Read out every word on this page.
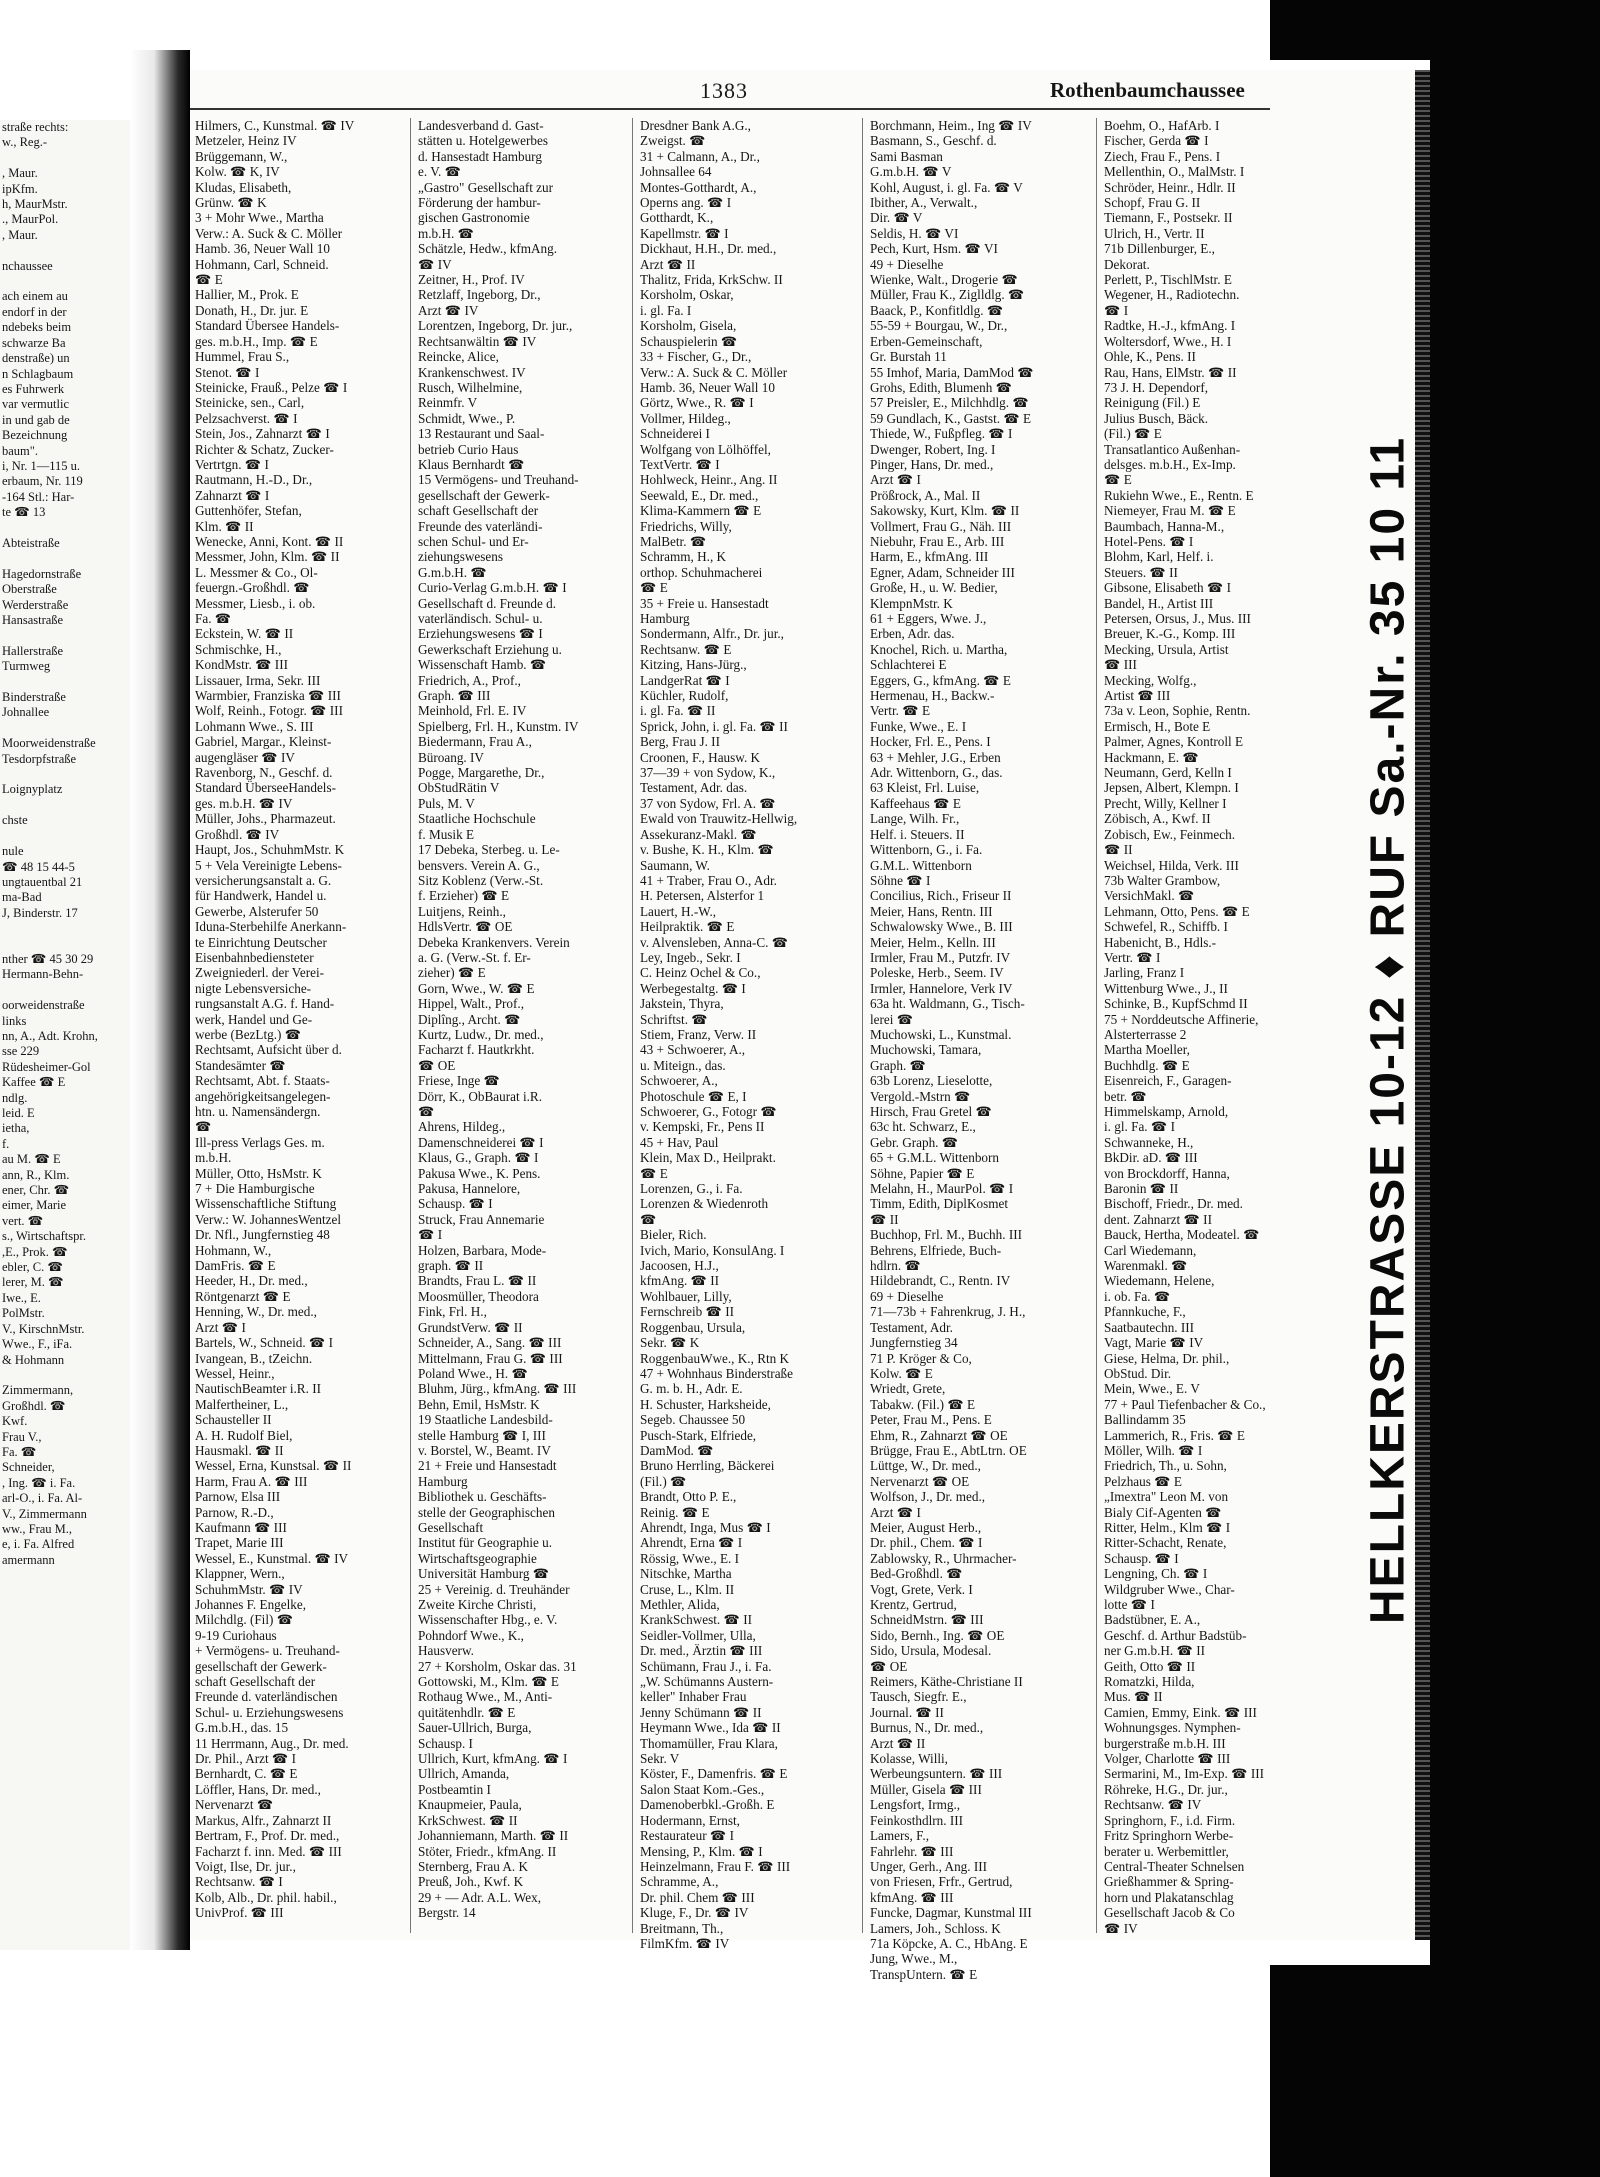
straße rechts:
w., Reg.-

, Maur.
ipKfm.
h, MaurMstr.
., MaurPol.
, Maur.

nchaussee

ach einem au
endorf in der
ndebeks beim
schwarze Ba
denstraße) un
n Schlagbaum
es Fuhrwerk
var vermutlic
in und gab de
Bezeichnung
baum".
i, Nr. 1—115 u.
erbaum, Nr. 119
-164 Stl.: Har-
te ☎ 13

Abteistraße

Hagedornstraße
Oberstraße
Werderstraße
Hansastraße

Hallerstraße
Turmweg

Binderstraße
Johnallee

Moorweidenstraße
Tesdorpfstraße

Loignyplatz

chste

nule
☎ 48 15 44-5
ungtauentbal 21
ma-Bad
J, Binderstr. 17

nther ☎ 45 30 29
Hermann-Behn-

oorweidenstraße
links
nn, A., Adt. Krohn,
sse 229
Rüdesheimer-Gol
Kaffee ☎ E
ndlg.
leid. E
ietha,
f.
au M. ☎ E
ann, R., Klm.
ener, Chr. ☎
eimer, Marie
vert. ☎
s., Wirtschaftspr.
,E., Prok. ☎
ebler, C. ☎
lerer, M. ☎
Iwe., E.
PolMstr.
V., KirschnMstr.
Wwe., F., iFa.
& Hohmann

Zimmermann,
Großhdl. ☎
Kwf.
Frau V.,
Fa. ☎
Schneider,
, Ing. ☎ i. Fa.
arl-O., i. Fa. Al-
V., Zimmermann
ww., Frau M.,
e, i. Fa. Alfred
amermann
1383	Rothenbaumchaussee
Hilmers, C., Kunstmal. ☎ IV
Metzeler, Heinz IV
Brüggemann, W.,
Kolw. ☎ K, IV
Kludas, Elisabeth,
Grünw. ☎ K
3 + Mohr Wwe., Martha
Verw.: A. Suck & C. Möller
Hamb. 36, Neuer Wall 10
Hohmann, Carl, Schneid.
☎ E
Hallier, M., Prok. E
Donath, H., Dr. jur. E
Standard Übersee Handels-
ges. m.b.H., Imp. ☎ E
Hummel, Frau S.,
Stenot. ☎ I
Steinicke, Frauß., Pelze ☎ I
Steinicke, sen., Carl,
Pelzsachverst. ☎ I
Stein, Jos., Zahnarzt ☎ I
Richter & Schatz, Zucker-
Vertrtgn. ☎ I
Rautmann, H.-D., Dr.,
Zahnarzt ☎ I
Guttenhöfer, Stefan,
Klm. ☎ II
Wenecke, Anni, Kont. ☎ II
Messmer, John, Klm. ☎ II
L. Messmer & Co., Ol-
feuergn.-Großhdl. ☎
Messmer, Liesb., i. ob.
Fa. ☎
Eckstein, W. ☎ II
Schmischke, H.,
KondMstr. ☎ III
Lissauer, Irma, Sekr. III
Warmbier, Franziska ☎ III
Wolf, Reinh., Fotogr. ☎ III
Lohmann Wwe., S. III
Gabriel, Margar., Kleinst-
augengläser ☎ IV
Ravenborg, N., Geschf. d.
Standard ÜberseeHandels-
ges. m.b.H. ☎ IV
Müller, Johs., Pharmazeut.
Großhdl. ☎ IV
Haupt, Jos., SchuhmMstr. K
5 + Vela Vereinigte Lebens-
versicherungsanstalt a. G.
für Handwerk, Handel u.
Gewerbe, Alsterufer 50
Iduna-Sterbehilfe Anerkann-
te Einrichtung Deutscher
Eisenbahnbediensteter
Zweigniederl. der Verei-
nigte Lebensversiche-
rungsanstalt A.G. f. Hand-
werk, Handel und Ge-
werbe (BezLtg.) ☎
Rechtsamt, Aufsicht über d.
Standesämter ☎
Rechtsamt, Abt. f. Staats-
angehörigkeitsangelegen-
htn. u. Namensändergn.
☎
Ill-press Verlags Ges. m.
m.b.H.
Müller, Otto, HsMstr. K
7 + Die Hamburgische
Wissenschaftliche Stiftung
Verw.: W. JohannesWentzel
Dr. Nfl., Jungfernstieg 48
Hohmann, W.,
DamFris. ☎ E
Heeder, H., Dr. med.,
Röntgenarzt ☎ E
Henning, W., Dr. med.,
Arzt ☎ I
Bartels, W., Schneid. ☎ I
Ivangean, B., tZeichn.
Wessel, Heinr.,
NautischBeamter i.R. II
Malfertheiner, L.,
Schausteller II
A. H. Rudolf Biel,
Hausmakl. ☎ II
Wessel, Erna, Kunstsal. ☎ II
Harm, Frau A. ☎ III
Parnow, Elsa III
Parnow, R.-D.,
Kaufmann ☎ III
Trapet, Marie III
Wessel, E., Kunstmal. ☎ IV
Klappner, Wern.,
SchuhmMstr. ☎ IV
Johannes F. Engelke,
Milchdlg. (Fil) ☎
9-19 Curiohaus
+ Vermögens- u. Treuhand-
gesellschaft der Gewerk-
schaft Gesellschaft der
Freunde d. vaterländischen
Schul- u. Erziehungswesens
G.m.b.H., das. 15
11 Herrmann, Aug., Dr. med.
Dr. Phil., Arzt ☎ I
Bernhardt, C. ☎ E
Löffler, Hans, Dr. med.,
Nervenarzt ☎
Markus, Alfr., Zahnarzt II
Bertram, F., Prof. Dr. med.,
Facharzt f. inn. Med. ☎ III
Voigt, Ilse, Dr. jur.,
Rechtsanw. ☎ I
Kolb, Alb., Dr. phil. habil.,
UnivProf. ☎ III
Landesverband d. Gast-
stätten u. Hotelgewerbes
d. Hansestadt Hamburg
e. V. ☎
„Gastro" Gesellschaft zur
Förderung der hambur-
gischen Gastronomie
m.b.H. ☎
Schätzle, Hedw., kfmAng.
☎ IV
Zeitner, H., Prof. IV
Retzlaff, Ingeborg, Dr.,
Arzt ☎ IV
Lorentzen, Ingeborg, Dr. jur.,
Rechtsanwältin ☎ IV
Reincke, Alice,
Krankenschwest. IV
Rusch, Wilhelmine,
Reinmfr. V
Schmidt, Wwe., P.
13 Restaurant und Saal-
betrieb Curio Haus
Klaus Bernhardt ☎
15 Vermögens- und Treuhand-
gesellschaft der Gewerk-
schaft Gesellschaft der
Freunde des vaterländi-
schen Schul- und Er-
ziehungswesens
G.m.b.H. ☎
Curio-Verlag G.m.b.H. ☎ I
Gesellschaft d. Freunde d.
vaterländisch. Schul- u.
Erziehungswesens ☎ I
Gewerkschaft Erziehung u.
Wissenschaft Hamb. ☎
Friedrich, A., Prof.,
Graph. ☎ III
Meinhold, Frl. E. IV
Spielberg, Frl. H., Kunstm. IV
Biedermann, Frau A.,
Büroang. IV
Pogge, Margarethe, Dr.,
ObStudRätin V
Puls, M. V
Staatliche Hochschule
f. Musik E
17 Debeka, Sterbeg. u. Le-
bensvers. Verein A. G.,
Sitz Koblenz (Verw.-St.
f. Erzieher) ☎ E
Luitjens, Reinh.,
HdlsVertr. ☎ OE
Debeka Krankenvers. Verein
a. G. (Verw.-St. f. Er-
zieher) ☎ E
Gorn, Wwe., W. ☎ E
Hippel, Walt., Prof.,
Diplîng., Archt. ☎
Kurtz, Ludw., Dr. med.,
Facharzt f. Hautkrkht.
☎ OE
Friese, Inge ☎
Dörr, K., ObBaurat i.R.
☎
Ahrens, Hildeg.,
Damenschneiderei ☎ I
Klaus, G., Graph. ☎ I
Pakusa Wwe., K. Pens.
Pakusa, Hannelore,
Schausp. ☎ I
Struck, Frau Annemarie
☎ I
Holzen, Barbara, Mode-
graph. ☎ II
Brandts, Frau L. ☎ II
Moosmüller, Theodora
Fink, Frl. H.,
GrundstVerw. ☎ II
Schneider, A., Sang. ☎ III
Mittelmann, Frau G. ☎ III
Poland Wwe., H. ☎
Bluhm, Jürg., kfmAng. ☎ III
Behn, Emil, HsMstr. K
19 Staatliche Landesbild-
stelle Hamburg ☎ I, III
v. Borstel, W., Beamt. IV
21 + Freie und Hansestadt
Hamburg
Bibliothek u. Geschäfts-
stelle der Geographischen
Gesellschaft
Institut für Geographie u.
Wirtschaftsgeographie
Universität Hamburg ☎
25 + Vereinig. d. Treuhänder
Zweite Kirche Christi,
Wissenschafter Hbg., e. V.
Pohndorf Wwe., K.,
Hausverw.
27 + Korsholm, Oskar das. 31
Gottowski, M., Klm. ☎ E
Rothaug Wwe., M., Anti-
quitätenhdlr. ☎ E
Sauer-Ullrich, Burga,
Schausp. I
Ullrich, Kurt, kfmAng. ☎ I
Ullrich, Amanda,
Postbeamtin I
Knaupmeier, Paula,
KrkSchwest. ☎ II
Johanniemann, Marth. ☎ II
Stöter, Friedr., kfmAng. II
Sternberg, Frau A. K
Preuß, Joh., Kwf. K
29 + — Adr. A.L. Wex,
Bergstr. 14
Dresdner Bank A.G.,
Zweigst. ☎
31 + Calmann, A., Dr.,
Johnsallee 64
Montes-Gotthardt, A.,
Operns ang. ☎ I
Gotthardt, K.,
Kapellmstr. ☎ I
Dickhaut, H.H., Dr. med.,
Arzt ☎ II
Thalitz, Frida, KrkSchw. II
Korsholm, Oskar,
i. gl. Fa. I
Korsholm, Gisela,
Schauspielerin ☎
33 + Fischer, G., Dr.,
Verw.: A. Suck & C. Möller
Hamb. 36, Neuer Wall 10
Görtz, Wwe., R. ☎ I
Vollmer, Hildeg.,
Schneiderei I
Wolfgang von Lölhöffel,
TextVertr. ☎ I
Hohlweck, Heinr., Ang. II
Seewald, E., Dr. med.,
Klima-Kammern ☎ E
Friedrichs, Willy,
MalBetr. ☎
Schramm, H., K
orthop. Schuhmacherei
☎ E
35 + Freie u. Hansestadt
Hamburg
Sondermann, Alfr., Dr. jur.,
Rechtsanw. ☎ E
Kitzing, Hans-Jürg.,
LandgerRat ☎ I
Küchler, Rudolf,
i. gl. Fa. ☎ II
Sprick, John, i. gl. Fa. ☎ II
Berg, Frau J. II
Croonen, F., Hausw. K
37—39 + von Sydow, K.,
Testament, Adr. das.
37 von Sydow, Frl. A. ☎
Ewald von Trauwitz-Hellwig,
Assekuranz-Makl. ☎
v. Bushe, K. H., Klm. ☎
Saumann, W.
41 + Traber, Frau O., Adr.
H. Petersen, Alsterfor 1
Lauert, H.-W.,
Heilpraktik. ☎ E
v. Alvensleben, Anna-C. ☎
Ley, Ingeb., Sekr. I
C. Heinz Ochel & Co.,
Werbegestaltg. ☎ I
Jakstein, Thyra,
Schriftst. ☎
Stiem, Franz, Verw. II
43 + Schwoerer, A.,
u. Miteign., das.
Schwoerer, A.,
Photoschule ☎ E, I
Schwoerer, G., Fotogr ☎
v. Kempski, Fr., Pens II
45 + Hav, Paul
Klein, Max D., Heilprakt.
☎ E
Lorenzen, G., i. Fa.
Lorenzen & Wiedenroth
☎
Bieler, Rich.
Ivich, Mario, KonsulAng. I
Jacoosen, H.J.,
kfmAng. ☎ II
Wohlbauer, Lilly,
Fernschreib ☎ II
Roggenbau, Ursula,
Sekr. ☎ K
RoggenbauWwe., K., Rtn K
47 + Wohnhaus Binderstraße
G. m. b. H., Adr. E.
H. Schuster, Harksheide,
Segeb. Chaussee 50
Pusch-Stark, Elfriede,
DamMod. ☎
Bruno Herrling, Bäckerei
(Fil.) ☎
Brandt, Otto P. E.,
Reinig. ☎ E
Ahrendt, Inga, Mus ☎ I
Ahrendt, Erna ☎ I
Rössig, Wwe., E. I
Nitschke, Martha
Cruse, L., Klm. II
Methler, Alida,
KrankSchwest. ☎ II
Seidler-Vollmer, Ulla,
Dr. med., Ärztin ☎ III
Schümann, Frau J., i. Fa.
„W. Schümanns Austern-
keller" Inhaber Frau
Jenny Schümann ☎ II
Heymann Wwe., Ida ☎ II
Thomamüller, Frau Klara,
Sekr. V
Köster, F., Damenfris. ☎ E
Salon Staat Kom.-Ges.,
Damenoberbkl.-Großh. E
Hodermann, Ernst,
Restaurateur ☎ I
Mensing, P., Klm. ☎ I
Heinzelmann, Frau F. ☎ III
Schramme, A.,
Dr. phil. Chem ☎ III
Kluge, F., Dr. ☎ IV
Breitmann, Th.,
FilmKfm. ☎ IV
Borchmann, Heim., Ing ☎ IV
Basmann, S., Geschf. d.
Sami Basman
G.m.b.H. ☎ V
Kohl, August, i. gl. Fa. ☎ V
Ibither, A., Verwalt.,
Dir. ☎ V
Seldis, H. ☎ VI
Pech, Kurt, Hsm. ☎ VI
49 + Dieselhe
Wienke, Walt., Drogerie ☎
Müller, Frau K., Ziglldlg. ☎
Baack, P., Konfitldlg. ☎
55-59 + Bourgau, W., Dr.,
Erben-Gemeinschaft,
Gr. Burstah 11
55 Imhof, Maria, DamMod ☎
Grohs, Edith, Blumenh ☎
57 Preisler, E., Milchhdlg. ☎
59 Gundlach, K., Gastst. ☎ E
Thiede, W., Fußpfleg. ☎ I
Dwenger, Robert, Ing. I
Pinger, Hans, Dr. med.,
Arzt ☎ I
Prößrock, A., Mal. II
Sakowsky, Kurt, Klm. ☎ II
Vollmert, Frau G., Näh. III
Niebuhr, Frau E., Arb. III
Harm, E., kfmAng. III
Egner, Adam, Schneider III
Große, H., u. W. Bedier,
KlempnMstr. K
61 + Eggers, Wwe. J.,
Erben, Adr. das.
Knochel, Rich. u. Martha,
Schlachterei E
Eggers, G., kfmAng. ☎ E
Hermenau, H., Backw.-
Vertr. ☎ E
Funke, Wwe., E. I
Hocker, Frl. E., Pens. I
63 + Mehler, J.G., Erben
Adr. Wittenborn, G., das.
63 Kleist, Frl. Luise,
Kaffeehaus ☎ E
Lange, Wilh. Fr.,
Helf. i. Steuers. II
Wittenborn, G., i. Fa.
G.M.L. Wittenborn
Söhne ☎ I
Concilius, Rich., Friseur II
Meier, Hans, Rentn. III
Schwalowsky Wwe., B. III
Meier, Helm., Kelln. III
Irmler, Frau M., Putzfr. IV
Poleske, Herb., Seem. IV
Irmler, Hannelore, Verk IV
63a ht. Waldmann, G., Tisch-
lerei ☎
Muchowski, L., Kunstmal.
Muchowski, Tamara,
Graph. ☎
63b Lorenz, Lieselotte,
Vergold.-Mstrn ☎
Hirsch, Frau Gretel ☎
63c ht. Schwarz, E.,
Gebr. Graph. ☎
65 + G.M.L. Wittenborn
Söhne, Papier ☎ E
Melahn, H., MaurPol. ☎ I
Timm, Edith, DiplKosmet
☎ II
Buchhop, Frl. M., Buchh. III
Behrens, Elfriede, Buch-
hdlrn. ☎
Hildebrandt, C., Rentn. IV
69 + Dieselhe
71—73b + Fahrenkrug, J. H.,
Testament, Adr.
Jungfernstieg 34
71 P. Kröger & Co,
Kolw. ☎ E
Wriedt, Grete,
Tabakw. (Fil.) ☎ E
Peter, Frau M., Pens. E
Ehm, R., Zahnarzt ☎ OE
Brügge, Frau E., AbtLtrn. OE
Lüttge, W., Dr. med.,
Nervenarzt ☎ OE
Wolfson, J., Dr. med.,
Arzt ☎ I
Meier, August Herb.,
Dr. phil., Chem. ☎ I
Zablowsky, R., Uhrmacher-
Bed-Großhdl. ☎
Vogt, Grete, Verk. I
Krentz, Gertrud,
SchneidMstrn. ☎ III
Sido, Bernh., Ing. ☎ OE
Sido, Ursula, Modesal.
☎ OE
Reimers, Käthe-Christiane II
Tausch, Siegfr. E.,
Journal. ☎ II
Burnus, N., Dr. med.,
Arzt ☎ II
Kolasse, Willi,
Werbeungsuntern. ☎ III
Müller, Gisela ☎ III
Lengsfort, Irmg.,
Feinkosthdlrn. III
Lamers, F.,
Fahrlehr. ☎ III
Unger, Gerh., Ang. III
von Friesen, Frfr., Gertrud,
kfmAng. ☎ III
Funcke, Dagmar, Kunstmal III
Lamers, Joh., Schloss. K
71a Köpcke, A. C., HbAng. E
Jung, Wwe., M.,
TranspUntern. ☎ E
Boehm, O., HafArb. I
Fischer, Gerda ☎ I
Ziech, Frau F., Pens. I
Mellenthin, O., MalMstr. I
Schröder, Heinr., Hdlr. II
Schopf, Frau G. II
Tiemann, F., Postsekr. II
Ulrich, H., Vertr. II
71b Dillenburger, E.,
Dekorat.
Perlett, P., TischlMstr. E
Wegener, H., Radiotechn.
☎ I
Radtke, H.-J., kfmAng. I
Woltersdorf, Wwe., H. I
Ohle, K., Pens. II
Rau, Hans, ElMstr. ☎ II
73 J. H. Dependorf,
Reinigung (Fil.) E
Julius Busch, Bäck.
(Fil.) ☎ E
Transatlantico Außenhan-
delsges. m.b.H., Ex-Imp.
☎ E
Rukiehn Wwe., E., Rentn. E
Niemeyer, Frau M. ☎ E
Baumbach, Hanna-M.,
Hotel-Pens. ☎ I
Blohm, Karl, Helf. i.
Steuers. ☎ II
Gibsone, Elisabeth ☎ I
Bandel, H., Artist III
Petersen, Orsus, J., Mus. III
Breuer, K.-G., Komp. III
Mecking, Ursula, Artist
☎ III
Mecking, Wolfg.,
Artist ☎ III
73a v. Leon, Sophie, Rentn.
Ermisch, H., Bote E
Palmer, Agnes, Kontroll E
Hackmann, E. ☎
Neumann, Gerd, Kelln I
Jepsen, Albert, Klempn. I
Precht, Willy, Kellner I
Zöbisch, A., Kwf. II
Zobisch, Ew., Feinmech.
☎ II
Weichsel, Hilda, Verk. III
73b Walter Grambow,
VersichMakl. ☎
Lehmann, Otto, Pens. ☎ E
Schwefel, R., Schiffb. I
Habenicht, B., Hdls.-
Vertr. ☎ I
Jarling, Franz I
Wittenburg Wwe., J., II
Schinke, B., KupfSchmd II
75 + Norddeutsche Affinerie,
Alsterterrasse 2
Martha Moeller,
Buchhdlg. ☎ E
Eisenreich, F., Garagen-
betr. ☎
Himmelskamp, Arnold,
i. gl. Fa. ☎ I
Schwanneke, H.,
BkDir. aD. ☎ III
von Brockdorff, Hanna,
Baronin ☎ II
Bischoff, Friedr., Dr. med.
dent. Zahnarzt ☎ II
Bauck, Hertha, Modeatel. ☎
Carl Wiedemann,
Warenmakl. ☎
Wiedemann, Helene,
i. ob. Fa. ☎
Pfannkuche, F.,
Saatbautechn. III
Vagt, Marie ☎ IV
Giese, Helma, Dr. phil.,
ObStud. Dir.
Mein, Wwe., E. V
77 + Paul Tiefenbacher & Co.,
Ballindamm 35
Lammerich, R., Fris. ☎ E
Möller, Wilh. ☎ I
Friedrich, Th., u. Sohn,
Pelzhaus ☎ E
„Imextra" Leon M. von
Bialy Cif-Agenten ☎
Ritter, Helm., Klm ☎ I
Ritter-Schacht, Renate,
Schausp. ☎ I
Lengning, Ch. ☎ I
Wildgruber Wwe., Char-
lotte ☎ I
Badstübner, E. A.,
Geschf. d. Arthur Badstüb-
ner G.m.b.H. ☎ II
Geith, Otto ☎ II
Romatzki, Hilda,
Mus. ☎ II
Camien, Emmy, Eink. ☎ III
Wohnungsges. Nymphen-
burgerstraße m.b.H. III
Volger, Charlotte ☎ III
Sermarini, M., Im-Exp. ☎ III
Röhreke, H.G., Dr. jur.,
Rechtsanw. ☎ IV
Springhorn, F., i.d. Firm.
Fritz Springhorn Werbe-
berater u. Werbemittler,
Central-Theater Schnelsen
Grießhammer & Spring-
horn und Plakatanschlag
Gesellschaft Jacob & Co
☎ IV
HELLKERSTRASSE 10-12 ♦ RUF Sa.-Nr. 35 10 11
